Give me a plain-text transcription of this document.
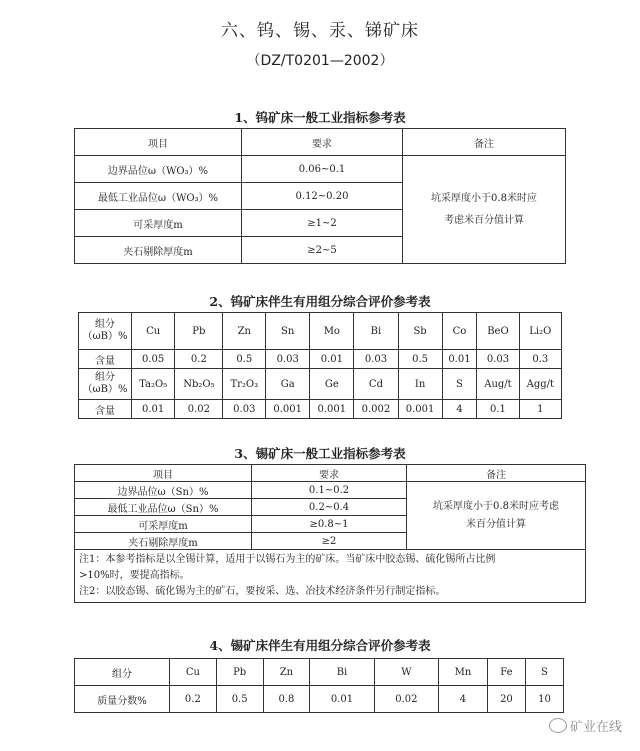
六、钨、锡、汞、锑矿床
（DZ/T0201—2002）
1、钨矿床一般工业指标参考表
项目	要求	备注
边界品位ω（WO₃）%	0.06~0.1	坑采厚度小于0.8米时应
考虑米百分值计算

最低工业品位ω（WO₃）%	0.12~0.20	
可采厚度m	≥1~2	
夹石剔除厚度m	≥2~5	
2、钨矿床伴生有用组分综合评价参考表
组分
（ωB）%	Cu	Pb	Zn	Sn	Mo	Bi	Sb	Co	BeO	Li₂O
含量	0.05	0.2	0.5	0.03	0.01	0.03	0.5	0.01	0.03	0.3

组分
（ωB）%	Ta₂O₅	Nb₂O₅	Tr₂O₃	Ga	Ge	Cd	In	S	Aug/t	Agg/t
含量	0.01	0.02	0.03	0.001	0.001	0.002	0.001	4	0.1	1
3、锡矿床一般工业指标参考表
项目	要求	备注
边界品位ω（Sn）%	0.1~0.2	坑采厚度小于0.8米时应考虑
米百分值计算

最低工业品位ω（Sn）%	0.2~0.4	
可采厚度m	≥0.8~1	
夹石剔除厚度m	≥2	

注1：本参考指标是以全锡计算，适用于以锡石为主的矿床。当矿床中胶态锡、硫化锡所占比例
>10%时，要提高指标。
注2：以胶态锡、硫化锡为主的矿石，要按采、选、冶技术经济条件另行制定指标。		
4、锡矿床伴生有用组分综合评价参考表
组分	Cu	Pb	Zn	Bi	W	Mn	Fe	S
质量分数%	0.2	0.5	0.8	0.01	0.02	4	20	10
矿业在线
